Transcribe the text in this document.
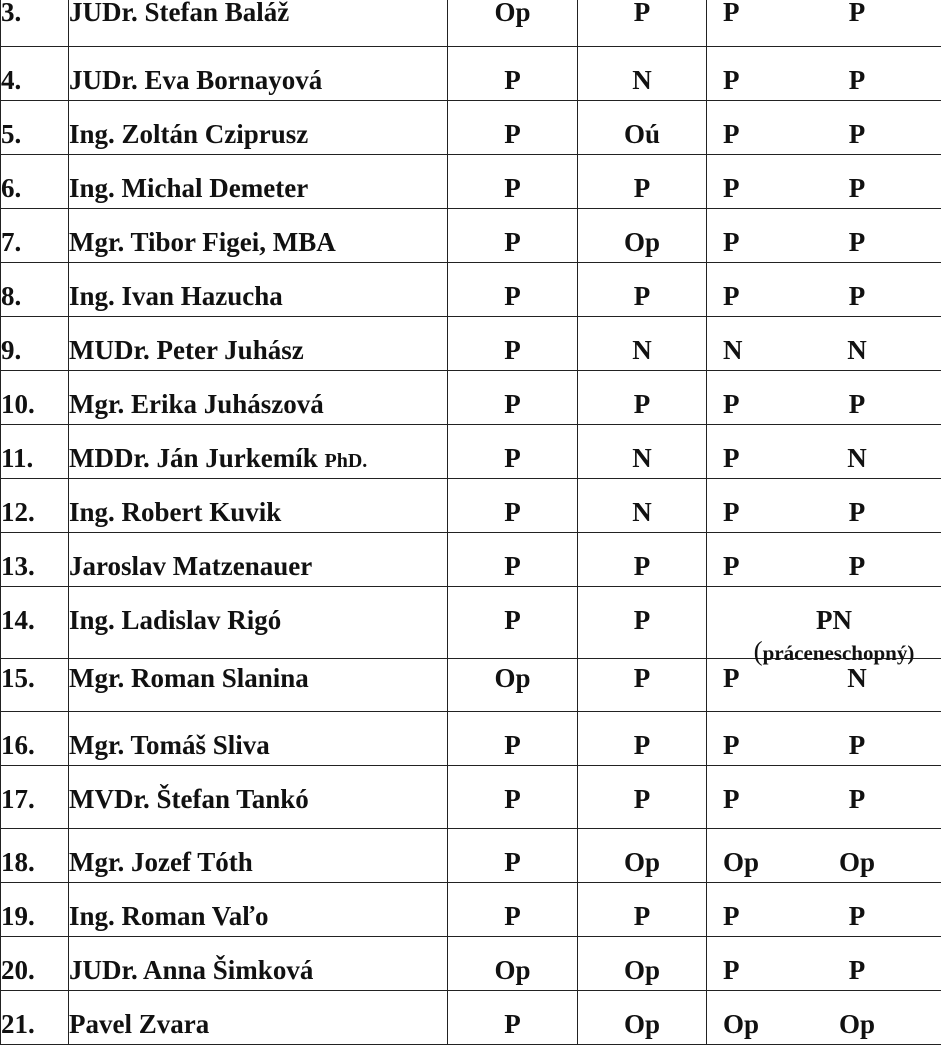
3.	JUDr. Stefan Baláž	Op	P	P P

4.	JUDr. Eva Bornayová	P	N	P P

5.	Ing. Zoltán Cziprusz	P	Oú	P P

6.	Ing. Michal Demeter	P	P	P P

7.	Mgr. Tibor Figei, MBA	P	Op	P P

8.	Ing. Ivan Hazucha	P	P	P P

9.	MUDr. Peter Juhász	P	N	N N

10.	Mgr. Erika Juhászová	P	P	P P

11.	MDDr. Ján Jurkemík PhD.	P	N	P N

12.	Ing. Robert Kuvik	P	N	P P

13.	Jaroslav Matzenauer	P	P	P P

14.	Ing. Ladislav Rigó	P	P	PN
(práceneschopný)

15.	Mgr. Roman Slanina	Op	P	P N

16.	Mgr. Tomáš Sliva	P	P	P P

17.	MVDr. Štefan Tankó	P	P	P P

18.	Mgr. Jozef Tóth	P	Op	Op Op

19.	Ing. Roman Vaľo	P	P	P P

20.	JUDr. Anna Šimková	Op	Op	P P

21.	Pavel Zvara	P	Op	Op Op
